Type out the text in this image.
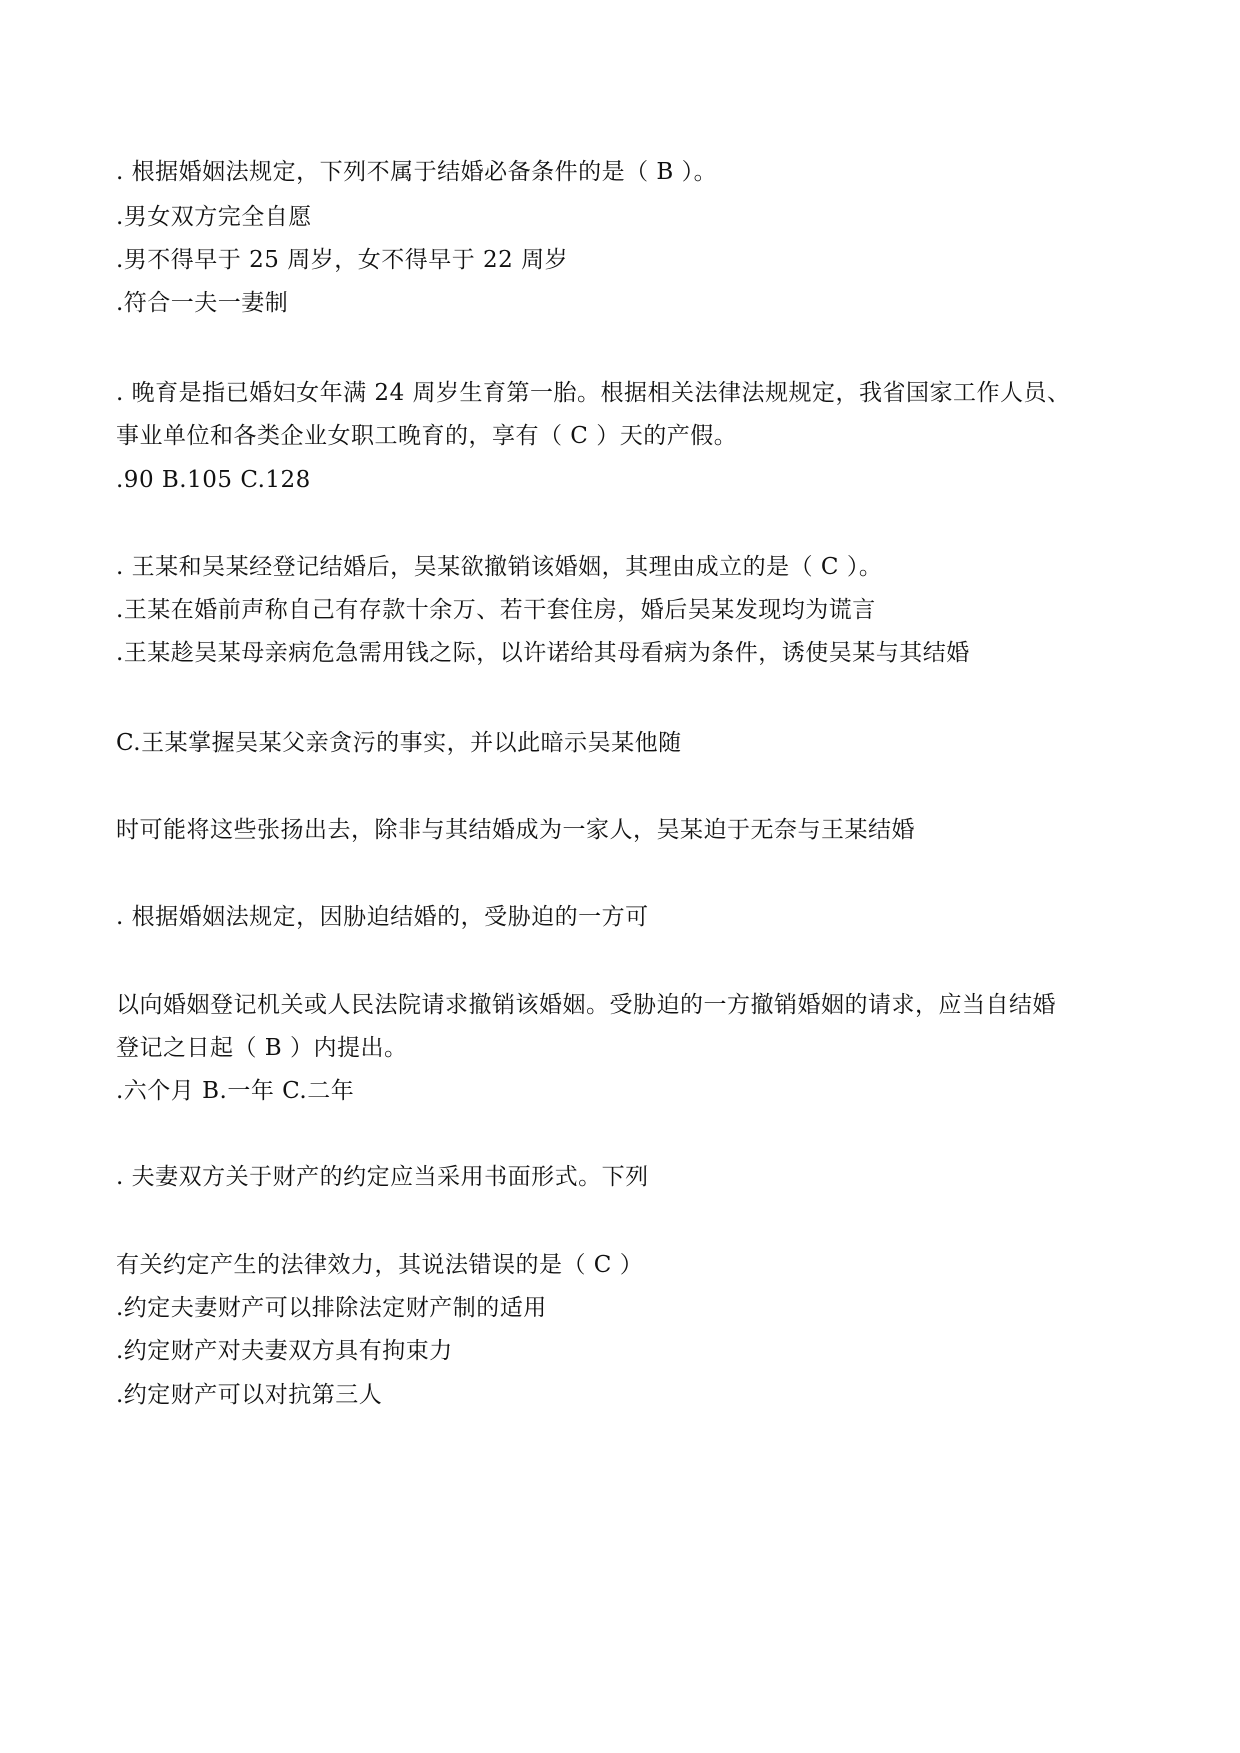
. 根据婚姻法规定，下列不属于结婚必备条件的是（ B ）。
.男女双方完全自愿
.男不得早于 25 周岁，女不得早于 22 周岁
.符合一夫一妻制
. 晚育是指已婚妇女年满 24 周岁生育第一胎。根据相关法律法规规定，我省国家工作人员、
事业单位和各类企业女职工晚育的，享有（ C ）天的产假。
.90 B.105 C.128
. 王某和吴某经登记结婚后，吴某欲撤销该婚姻，其理由成立的是（ C ）。
.王某在婚前声称自己有存款十余万、若干套住房，婚后吴某发现均为谎言
.王某趁吴某母亲病危急需用钱之际，以许诺给其母看病为条件，诱使吴某与其结婚
C.王某掌握吴某父亲贪污的事实，并以此暗示吴某他随
时可能将这些张扬出去，除非与其结婚成为一家人，吴某迫于无奈与王某结婚
. 根据婚姻法规定，因胁迫结婚的，受胁迫的一方可
以向婚姻登记机关或人民法院请求撤销该婚姻。受胁迫的一方撤销婚姻的请求，应当自结婚
登记之日起（ B ）内提出。
.六个月 B.一年 C.二年
. 夫妻双方关于财产的约定应当采用书面形式。下列
有关约定产生的法律效力，其说法错误的是（ C ）
.约定夫妻财产可以排除法定财产制的适用
.约定财产对夫妻双方具有拘束力
.约定财产可以对抗第三人
